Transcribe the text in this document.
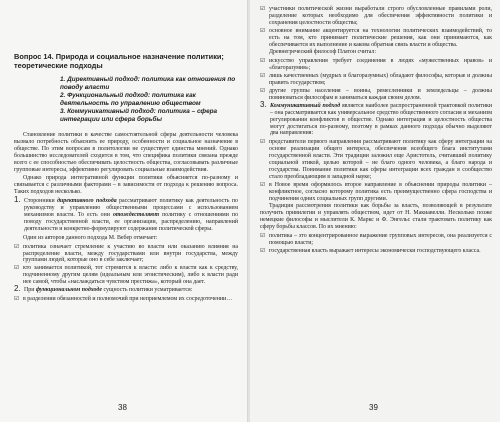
Вопрос 14. Природа и социальное назначение политики; теоретические подходы
1. Директивный подход: политика как отношения по поводу власти
2. Функциональный подход: политика как деятельность по управлению обществом
3. Коммуникативный подход: политика – сфера интеграции или сфера борьбы

Становление политики в качестве самостоятельной сферы деятельности человека вызвало потребность объяснить ее природу, особенности и социальное назначение в обществе. По этим вопросам в политологии не существует единства мнений. Однако большинство исследователей сходится в том, что специфика политики связана прежде всего с ее способностью обеспечивать целостность общества, согласовывать различные групповые интересы, эффективно регулировать социальные взаимодействия.

Однако природа интегративной функции политики объясняется по-разному и связывается с различными факторами – в зависимости от подхода к решению вопроса. Таких подходов несколько.

1. Сторонники директивного подхода рассматривают политику как деятельность по руководству и управлению общественными процессами с использованием механизмов власти. То есть они отождествляют политику с отношениями по поводу государственной власти, ее организации, распределению, направлений деятельности и конкретно-формулируют содержание политической сферы.

Один из авторов данного подхода М. Вебер отмечает:

☑ политика означает стремление к участию во власти или оказанию влияния на распределение власти, между государствами или внутри государства, между группами людей, которые оно в себе заключает;
☑ кто занимается политикой, тот стремится к власти: либо к власти как к средству, подчиненному другим целям (идеальным или эгоистическим), либо к власти ради нее самой, чтобы «наслаждаться чувством престижа», который она дает.

2. При функциональном подходе сущность политики усматривается:

☑ в разделении обязанностей и полномочий при неприемлемом их сосредоточении…
38
☑ участники политической жизни выработали строго обусловленные правилами роли, разделение которых необходимо для обеспечения эффективности политики и сохранения целостности общества;
☑ основное внимание акцентируется на технологии политических взаимодействий, то есть на том, кто принимает политические решения, как они принимаются, как обеспечивается их выполнение и какова обратная связь власти и общества.

Древнегреческий философ Платон считал:

☑ искусство управления требует соединения в людях «мужественных нравов» и «благоразумия»;
☑ лишь качественных (мудрых и благоразумных) обладают философы, которые и должны править государством;
☑ другие группы населения – воины, ремесленники и земледельцы – должны повиноваться философам и заниматься каждая своим делом.

3. Коммуникативный подход является наиболее распространенной трактовкой политики – она рассматривается как универсальное средство общественного согласия и механизм регулирования конфликтов в обществе. Однако интеграция и целостность общества могут достигаться по-разному, поэтому в рамках данного подхода обычно выделяют два направления:

☑ представители первого направления рассматривают политику как сферу интеграции на основе реализации общего интереса, обеспечения всеобщего блага институтами государственной власти. Эти традиции заложил еще Аристотель, считавший политику социальной этикой, целью которой – не благо одного человека, а благо народа и государства. Понимание политики как сферы интеграции всех граждан в сообщество стало преобладающим в западной науке;
☑ в Новое время оформилось второе направление в объяснении природы политики – конфликтное, согласно которому политика есть преимущественно сфера господства и подчинения одних социальных групп другими.

Традиция рассмотрения политики как борьбы за власть, позволяющей в результате получить привилегии и управлять обществом, идет от Н. Макиавелли. Несколько позже немецкие философы и мыслители К. Маркс и Ф. Энгельс стали трактовать политику как сферу борьбы классов. По их мнению:

☑ политика – это концентрированное выражение групповых интересов, она реализуется с помощью власти;
☑ государственная власть выражает интересы экономически господствующего класса.
39
